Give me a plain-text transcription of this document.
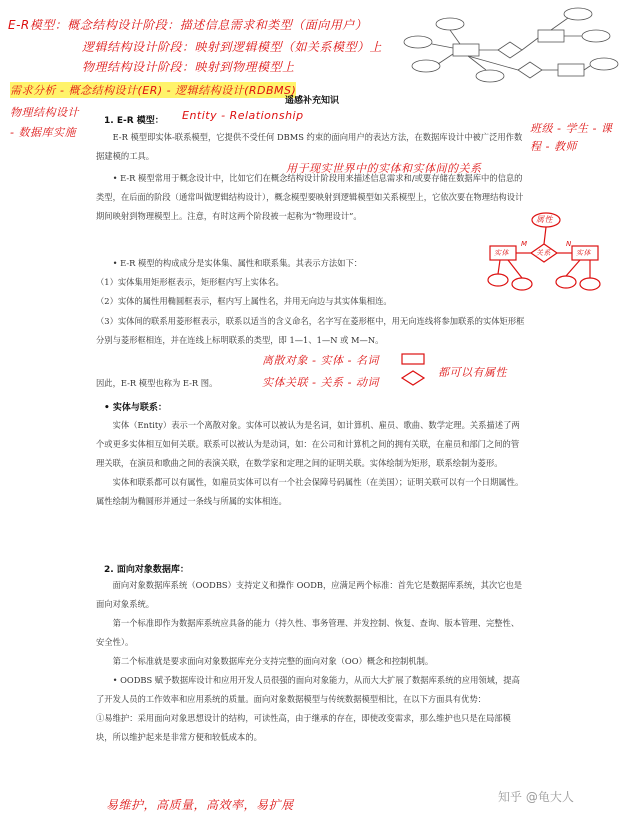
E-R模型：概念结构设计阶段：描述信息需求和类型（面向用户）
逻辑结构设计阶段：映射到逻辑模型（如关系模型）上
物理结构设计阶段：映射到物理模型上
需求分析 - 概念结构设计(ER) - 逻辑结构设计(RDBMS)
物理结构设计
- 数据库实施
遥感补充知识
1. E-R 模型： Entity - Relationship
班级 - 学生 - 课程 - 教师

E-R 模型即实体-联系模型，它提供不受任何 DBMS 约束的面向用户的表达方法，在数据库设计中被广泛用作数据建模的工具。

用于现实世界中的实体和实体间的关系

• E-R 模型常用于概念设计中，比如它们在概念结构设计阶段用来描述信息需求和/或要存储在数据库中的信息的类型，在后面的阶段（通常叫做逻辑结构设计），概念模型要映射到逻辑模型如关系模型上，它依次要在物理结构设计期间映射到物理模型上。注意，有时这两个阶段被一起称为“物理设计”。

• E-R 模型的构成成分是实体集、属性和联系集。其表示方法如下：

（1）实体集用矩形框表示，矩形框内写上实体名。

（2）实体的属性用椭圆框表示，框内写上属性名，并用无向边与其实体集相连。

属性
实体	关系	实体
M	N

（3）实体间的联系用菱形框表示，联系以适当的含义命名，名字写在菱形框中，用无向连线将参加联系的实体矩形框分别与菱形框相连，并在连线上标明联系的类型，即 1—1、1—N 或 M—N。

离散对象 - 实体 - 名词
实体关联 - 关系 - 动词
都可以有属性

因此，E-R 模型也称为 E-R 图。

• 实体与联系：

实体（Entity）表示一个离散对象。实体可以被认为是名词，如计算机、雇员、歌曲、数学定理。关系描述了两个或更多实体相互如何关联。联系可以被认为是动词，如：在公司和计算机之间的拥有关联，在雇员和部门之间的管理关联，在演员和歌曲之间的表演关联，在数学家和定理之间的证明关联。实体绘制为矩形，联系绘制为菱形。

实体和联系都可以有属性，如雇员实体可以有一个社会保障号码属性（在美国）；证明关联可以有一个日期属性。属性绘制为椭圆形并通过一条线与所属的实体相连。

2. 面向对象数据库：

面向对象数据库系统（OODBS）支持定义和操作 OODB，应满足两个标准：首先它是数据库系统，其次它也是面向对象系统。

第一个标准即作为数据库系统应具备的能力（持久性、事务管理、并发控制、恢复、查询、版本管理、完整性、安全性）。

第二个标准就是要求面向对象数据库充分支持完整的面向对象（OO）概念和控制机制。

• OODBS 赋予数据库设计和应用开发人员很强的面向对象能力，从而大大扩展了数据库系统的应用领域，提高了开发人员的工作效率和应用系统的质量。面向对象数据模型与传统数据模型相比，在以下方面具有优势：

①易维护：采用面向对象思想设计的结构，可读性高，由于继承的存在，即使改变需求，那么维护也只是在局部模块，所以维护起来是非常方便和较低成本的。

易维护，高质量，高效率，易扩展
知乎 @龟大人
